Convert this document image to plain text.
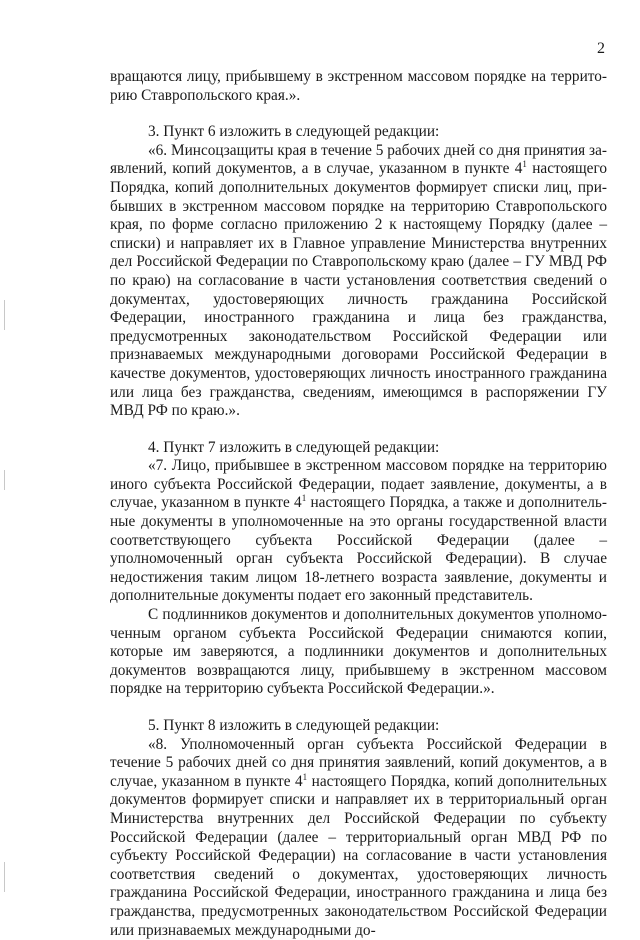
2

вращаются лицу, прибывшему в экстренном массовом порядке на территорию Ставропольского края.».

3. Пункт 6 изложить в следующей редакции:

«6. Минсоцзащиты края в течение 5 рабочих дней со дня принятия заявлений, копий документов, а в случае, указанном в пункте $4^1$ настоящего Порядка, копий дополнительных документов формирует списки лиц, прибывших в экстренном массовом порядке на территорию Ставропольского края, по форме согласно приложению 2 к настоящему Порядку (далее – списки) и направляет их в Главное управление Министерства внутренних дел Российской Федерации по Ставропольскому краю (далее – ГУ МВД РФ по краю) на согласование в части установления соответствия сведений о документах, удостоверяющих личность гражданина Российской Федерации, иностранного гражданина и лица без гражданства, предусмотренных законодательством Российской Федерации или признаваемых международными договорами Российской Федерации в качестве документов, удостоверяющих личность иностранного гражданина или лица без гражданства, сведениям, имеющимся в распоряжении ГУ МВД РФ по краю.».

4. Пункт 7 изложить в следующей редакции:

«7. Лицо, прибывшее в экстренном массовом порядке на территорию иного субъекта Российской Федерации, подает заявление, документы, а в случае, указанном в пункте $4^1$ настоящего Порядка, а также и дополнительные документы в уполномоченные на это органы государственной власти соответствующего субъекта Российской Федерации (далее – уполномоченный орган субъекта Российской Федерации). В случае недостижения таким лицом 18-летнего возраста заявление, документы и дополнительные документы подает его законный представитель.

С подлинников документов и дополнительных документов уполномоченным органом субъекта Российской Федерации снимаются копии, которые им заверяются, а подлинники документов и дополнительных документов возвращаются лицу, прибывшему в экстренном массовом порядке на территорию субъекта Российской Федерации.».

5. Пункт 8 изложить в следующей редакции:

«8. Уполномоченный орган субъекта Российской Федерации в течение 5 рабочих дней со дня принятия заявлений, копий документов, а в случае, указанном в пункте $4^1$ настоящего Порядка, копий дополнительных документов формирует списки и направляет их в территориальный орган Министерства внутренних дел Российской Федерации по субъекту Российской Федерации (далее – территориальный орган МВД РФ по субъекту Российской Федерации) на согласование в части установления соответствия сведений о документах, удостоверяющих личность гражданина Российской Федерации, иностранного гражданина и лица без гражданства, предусмотренных законодательством Российской Федерации или признаваемых международными до-
